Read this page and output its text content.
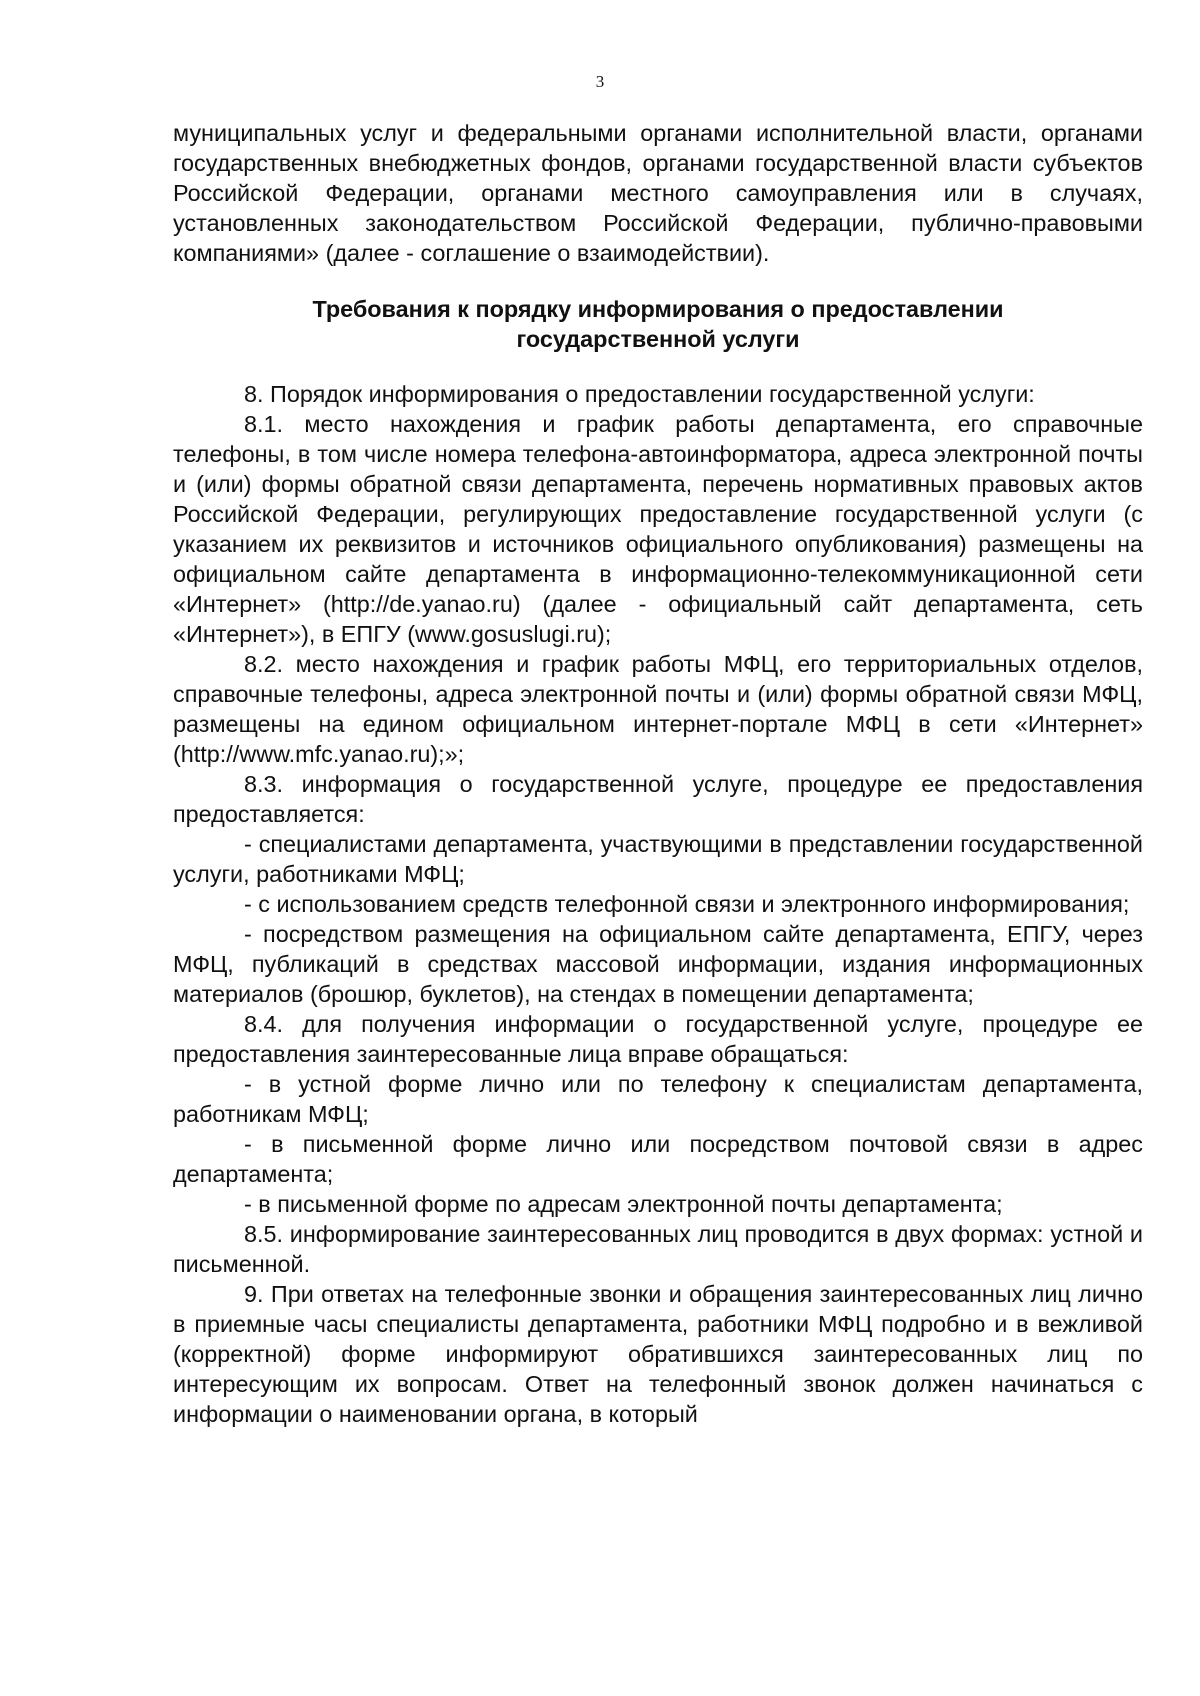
3

муниципальных услуг и федеральными органами исполнительной власти, органами государственных внебюджетных фондов, органами государственной власти субъектов Российской Федерации, органами местного самоуправления или в случаях, установленных законодательством Российской Федерации, публично-правовыми компаниями» (далее - соглашение о взаимодействии).

Требования к порядку информирования о предоставлении
государственной услуги

8. Порядок информирования о предоставлении государственной услуги:

8.1. место нахождения и график работы департамента, его справочные телефоны, в том числе номера телефона-автоинформатора, адреса электронной почты и (или) формы обратной связи департамента, перечень нормативных правовых актов Российской Федерации, регулирующих предоставление государственной услуги (с указанием их реквизитов и источников официального опубликования) размещены на официальном сайте департамента в информационно-телекоммуникационной сети «Интернет» (http://de.yanao.ru) (далее - официальный сайт департамента, сеть «Интернет»), в ЕПГУ (www.gosuslugi.ru);

8.2. место нахождения и график работы МФЦ, его территориальных отделов, справочные телефоны, адреса электронной почты и (или) формы обратной связи МФЦ, размещены на едином официальном интернет-портале МФЦ в сети «Интернет» (http://www.mfc.yanao.ru);»;

8.3. информация о государственной услуге, процедуре ее предоставления предоставляется:

- специалистами департамента, участвующими в представлении государственной услуги, работниками МФЦ;

- с использованием средств телефонной связи и электронного информирования;

- посредством размещения на официальном сайте департамента, ЕПГУ, через МФЦ, публикаций в средствах массовой информации, издания информационных материалов (брошюр, буклетов), на стендах в помещении департамента;

8.4. для получения информации о государственной услуге, процедуре ее предоставления заинтересованные лица вправе обращаться:

- в устной форме лично или по телефону к специалистам департамента, работникам МФЦ;

- в письменной форме лично или посредством почтовой связи в адрес департамента;

- в письменной форме по адресам электронной почты департамента;

8.5. информирование заинтересованных лиц проводится в двух формах: устной и письменной.

9. При ответах на телефонные звонки и обращения заинтересованных лиц лично в приемные часы специалисты департамента, работники МФЦ подробно и в вежливой (корректной) форме информируют обратившихся заинтересованных лиц по интересующим их вопросам. Ответ на телефонный звонок должен начинаться с информации о наименовании органа, в который
